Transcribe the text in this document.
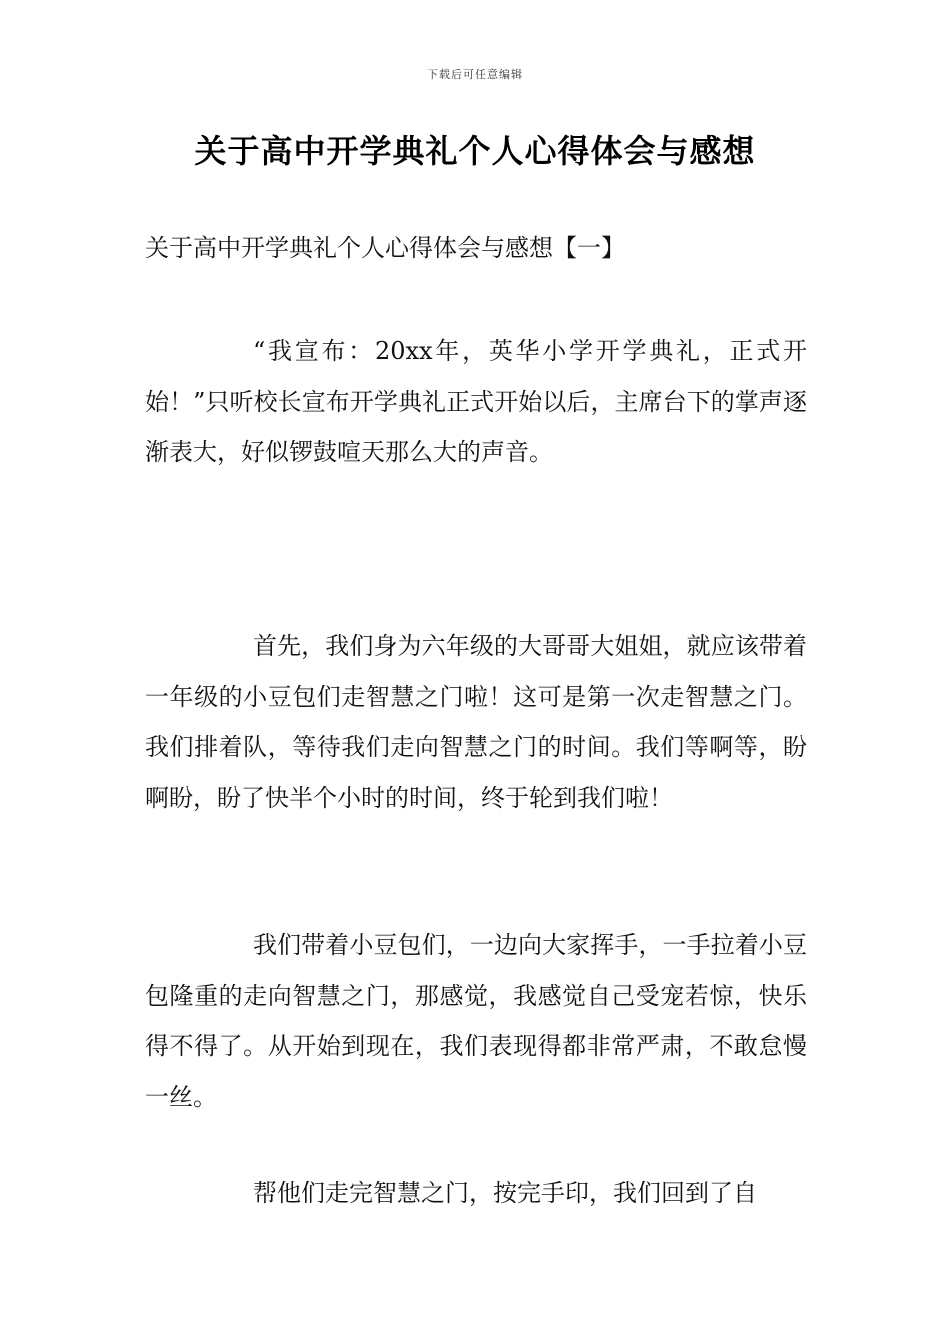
下载后可任意编辑
关于高中开学典礼个人心得体会与感想
关于高中开学典礼个人心得体会与感想【一】

“我宣布：20xx年，英华小学开学典礼，正式开始！”只听校长宣布开学典礼正式开始以后，主席台下的掌声逐渐表大，好似锣鼓喧天那么大的声音。

首先，我们身为六年级的大哥哥大姐姐，就应该带着一年级的小豆包们走智慧之门啦！这可是第一次走智慧之门。我们排着队，等待我们走向智慧之门的时间。我们等啊等，盼啊盼，盼了快半个小时的时间，终于轮到我们啦！

我们带着小豆包们，一边向大家挥手，一手拉着小豆包隆重的走向智慧之门，那感觉，我感觉自己受宠若惊，快乐得不得了。从开始到现在，我们表现得都非常严肃，不敢怠慢一丝。

帮他们走完智慧之门，按完手印，我们回到了自
